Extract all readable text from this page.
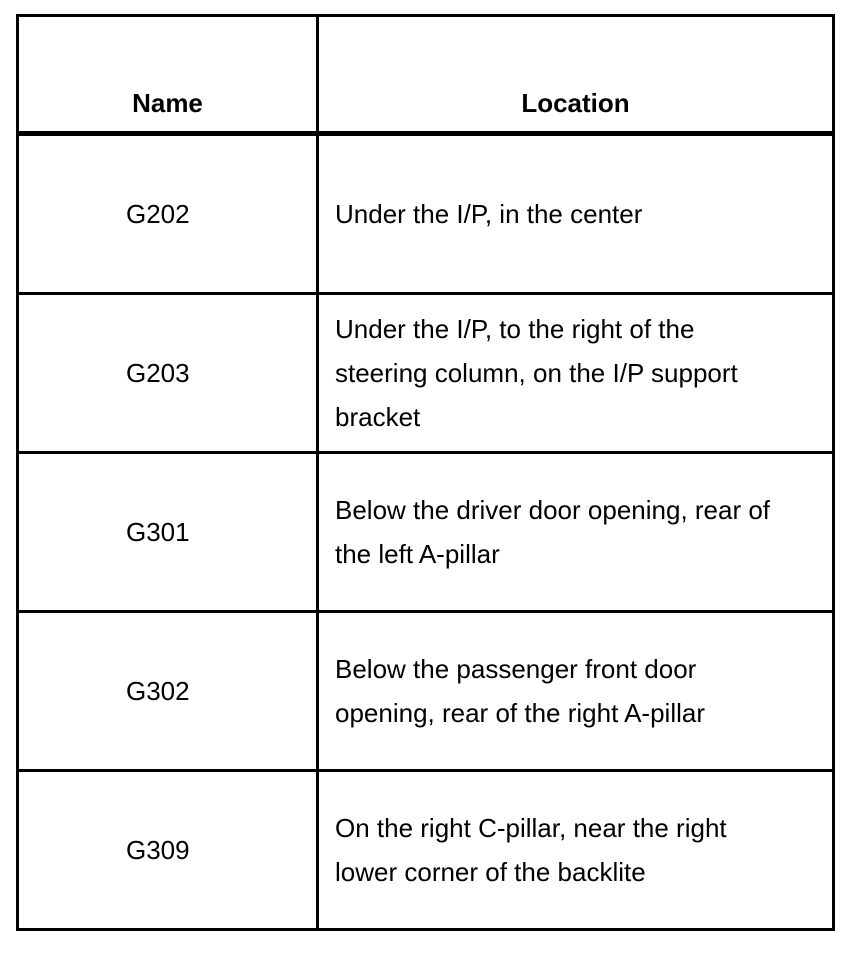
Name	Location
G202	Under the I/P, in the center
G203	Under the I/P, to the right of the steering column, on the I/P support bracket
G301	Below the driver door opening, rear of the left A-pillar
G302	Below the passenger front door opening, rear of the right A-pillar
G309	On the right C-pillar, near the right lower corner of the backlite
